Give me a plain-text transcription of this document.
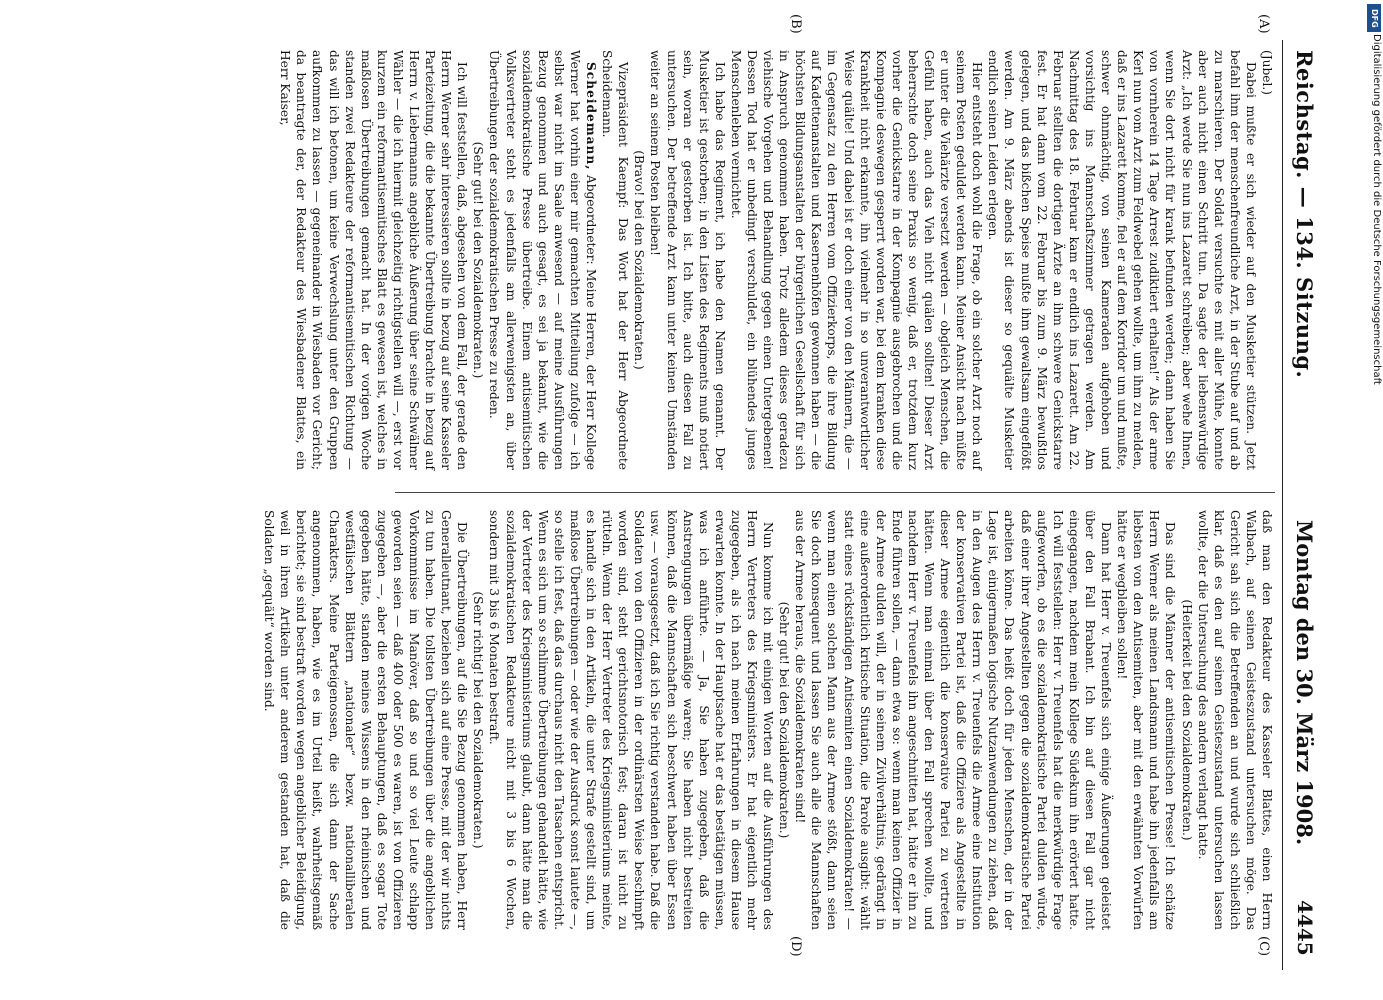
Reichstag. — 134. Sitzung.
Montag den 30. März 1908.
4445
(A)
(B)
(C)
(D)

(Jubel.)

Dabei mußte er sich wieder auf den Musketier stützen. Jetzt befahl ihm der menschenfreundliche Arzt, in der Stube auf und ab zu marschieren. Der Soldat versuchte es mit aller Mühe, konnte aber auch nicht einen Schritt tun. Da sagte der liebenswürdige Arzt: „Ich werde Sie nun ins Lazarett schreiben; aber wehe Ihnen, wenn Sie dort nicht für krank befunden werden; dann haben Sie von vornherein 14 Tage Arrest zudiktiert erhalten!“ Als der arme Kerl nun vom Arzt zum Feldwebel gehen wollte, um ihm zu melden, daß er ins Lazarett komme, fiel er auf dem Korridor um und mußte, schwer ohnmächtig, von seinen Kameraden aufgehoben und vorsichtig ins Mannschaftszimmer getragen werden. Am Nachmittag des 18. Februar kam er endlich ins Lazarett. Am 22. Februar stellten die dortigen Ärzte an ihm schwere Genickstarre fest. Er hat dann vom 22. Februar bis zum 9. März bewußtlos gelegen, und das bißchen Speise mußte ihm gewaltsam eingeflößt werden. Am 9. März abends ist dieser so gequälte Musketier endlich seinen Leiden erlegen.

Hier entsteht doch wohl die Frage, ob ein solcher Arzt noch auf seinem Posten geduldet werden kann. Meiner Ansicht nach müßte er unter die Viehärzte versetzt werden — obgleich Menschen, die Gefühl haben, auch das Vieh nicht quälen sollten! Dieser Arzt beherrschte doch seine Praxis so wenig, daß er, trotzdem kurz vorher die Genickstarre in der Kompagnie ausgebrochen und die Kompagnie deswegen gesperrt worden war, bei dem kranken diese Krankheit nicht erkannte, ihn vielmehr in so unverantwortlicher Weise quälte! Und dabei ist er doch einer von den Männern, die — im Gegensatz zu den Herren vom Offizierkorps, die ihre Bildung auf Kadettenanstalten und Kasernenhöfen gewonnen haben — die höchsten Bildungsanstalten der bürgerlichen Gesellschaft für sich in Anspruch genommen haben. Trotz alledem dieses geradezu viehische Vorgehen und Behandlung gegen einen Untergebenen! Dessen Tod hat er unbedingt verschuldet, ein blühendes junges Menschenleben vernichtet.

Ich habe das Regiment, ich habe den Namen genannt. Der Musketier ist gestorben; in den Listen des Regiments muß notiert sein, woran er gestorben ist. Ich bitte, auch diesen Fall zu untersuchen. Der betreffende Arzt kann unter keinen Umständen weiter an seinem Posten bleiben!

(Bravo! bei den Sozialdemokraten.)

Vizepräsident Kaempf: Das Wort hat der Herr Abgeordnete Scheidemann.

Scheidemann, Abgeordneter: Meine Herren, der Herr Kollege Werner hat vorhin einer mir gemachten Mitteilung zufolge — ich selbst war nicht im Saale anwesend — auf meine Ausführungen Bezug genommen und auch gesagt, es sei ja bekannt, wie die sozialdemokratische Presse übertreibe. Einem antisemitischen Volksvertreter steht es jedenfalls am allerwenigsten an, über Übertreibungen der sozialdemokratischen Presse zu reden.

(Sehr gut! bei den Sozialdemokraten.)

Ich will feststellen, daß, abgesehen von dem Fall, der gerade den Herrn Werner sehr interessieren sollte in bezug auf seine Kasseler Parteizeitung, die die bekannte Übertreibung brachte in bezug auf Herrn v. Liebermanns angebliche Äußerung über seine Schwälmer Wähler — die ich hiermit gleichzeitig richtigstellen will —, erst vor kurzem ein reformantisemitisches Blatt es gewesen ist, welches in maßlosen Übertreibungen gemacht hat. In der vorigen Woche standen zwei Redakteure der reformantisemitischen Richtung — das will ich betonen, um keine Verwechslung unter den Gruppen aufkommen zu lassen — gegeneinander in Wiesbaden vor Gericht; da beantragte der, der Redakteur des Wiesbadener Blattes, ein Herr Kaiser,

daß man den Redakteur des Kasseler Blattes, einen Herrn Walbach, auf seinen Geisteszustand untersuchen möge. Das Gericht sah sich die Betreffenden an und wurde sich schließlich klar, daß es den auf seinen Geisteszustand untersuchen lassen wollte, der die Untersuchung des andern verlangt hatte.

(Heiterkeit bei den Sozialdemokraten.)

Das sind die Männer der antisemitischen Presse! Ich schätze Herrn Werner als meinen Landsmann und habe ihn jedenfalls am liebsten von den Antisemiten, aber mit den erwähnten Vorwürfen hätte er wegbleiben sollen!

Dann hat Herr v. Treuenfels sich einige Äußerungen geleistet über den Fall Brabant. Ich bin auf diesen Fall gar nicht eingegangen, nachdem mein Kollege Südekum ihn erörtert hatte. Ich will feststellen: Herr v. Treuenfels hat die merkwürdige Frage aufgeworfen, ob es die sozialdemokratische Partei dulden würde, daß einer ihrer Angestellten gegen die sozialdemokratische Partei arbeiten könne. Das heißt doch für jeden Menschen, der in der Lage ist, einigermaßen logische Nutzanwendungen zu ziehen, daß in den Augen des Herrn v. Treuenfels die Armee eine Institution der konservativen Partei ist, daß die Offiziere als Angestellte in dieser Armee eigentlich die konservative Partei zu vertreten hätten. Wenn man einmal über den Fall sprechen wollte, und nachdem Herr v. Treuenfels ihn angeschnitten hat, hätte er ihn zu Ende führen sollen, — dann etwa so: wenn man keinen Offizier in der Armee dulden will, der in seinem Zivilverhältnis, gedrängt in eine außerordentlich kritische Situation, die Parole ausgibt: wählt statt eines rückständigen Antisemiten einen Sozialdemokraten! — wenn man einen solchen Mann aus der Armee stößt, dann seien Sie doch konsequent und lassen Sie auch alle die Mannschaften aus der Armee heraus, die Sozialdemokraten sind!

(Sehr gut! bei den Sozialdemokraten.)

Nun komme ich mit einigen Worten auf die Ausführungen des Herrn Vertreters des Kriegsministers. Er hat eigentlich mehr zugegeben, als ich nach meinen Erfahrungen in diesem Hause erwarten konnte. In der Hauptsache hat er das bestätigen müssen, was ich anführte. — Ja, Sie haben zugegeben, daß die Anstrengungen übermäßige waren; Sie haben nicht bestreiten können, daß die Mannschaften sich beschwert haben über Essen usw. — vorausgesetzt, daß ich Sie richtig verstanden habe. Daß die Soldaten von den Offizieren in der ordinärsten Weise beschimpft worden sind, steht gerichtsnotorisch fest; daran ist nicht zu rütteln. Wenn der Herr Vertreter des Kriegsministeriums meinte, es handle sich in den Artikeln, die unter Strafe gestellt sind, um maßlose Übertreibungen — oder wie der Ausdruck sonst lautete —, so stelle ich fest, daß das durchaus nicht den Tatsachen entspricht. Wenn es sich um so schlimme Übertreibungen gehandelt hätte, wie der Vertreter des Kriegsministeriums glaubt, dann hätte man die sozialdemokratischen Redakteure nicht mit 3 bis 6 Wochen, sondern mit 3 bis 6 Monaten bestraft.

(Sehr richtig! bei den Sozialdemokraten.)

Die Übertreibungen, auf die Sie Bezug genommen haben, Herr Generalleutnant, beziehen sich auf eine Presse, mit der wir nichts zu tun haben. Die tollsten Übertreibungen über die angeblichen Vorkommnisse im Manöver, daß so und so viel Leute schlapp geworden seien — daß 400 oder 500 es waren, ist von Offizieren zugegeben —, aber die ersten Behauptungen, daß es sogar Tote gegeben hätte, standen meines Wissens in den rheinischen und westfälischen Blättern „nationaler“ bezw. nationalliberalen Charakters. Meine Parteigenossen, die sich dann der Sache angenommen, haben, wie es im Urteil heißt, wahrheitsgemäß berichtet; sie sind bestraft worden wegen angeblicher Beleidigung, weil in ihren Artikeln unter anderem gestanden hat, daß die Soldaten „gequält“ worden sind.

DFG
Digitalisierung gefördert durch die Deutsche Forschungsgemeinschaft
